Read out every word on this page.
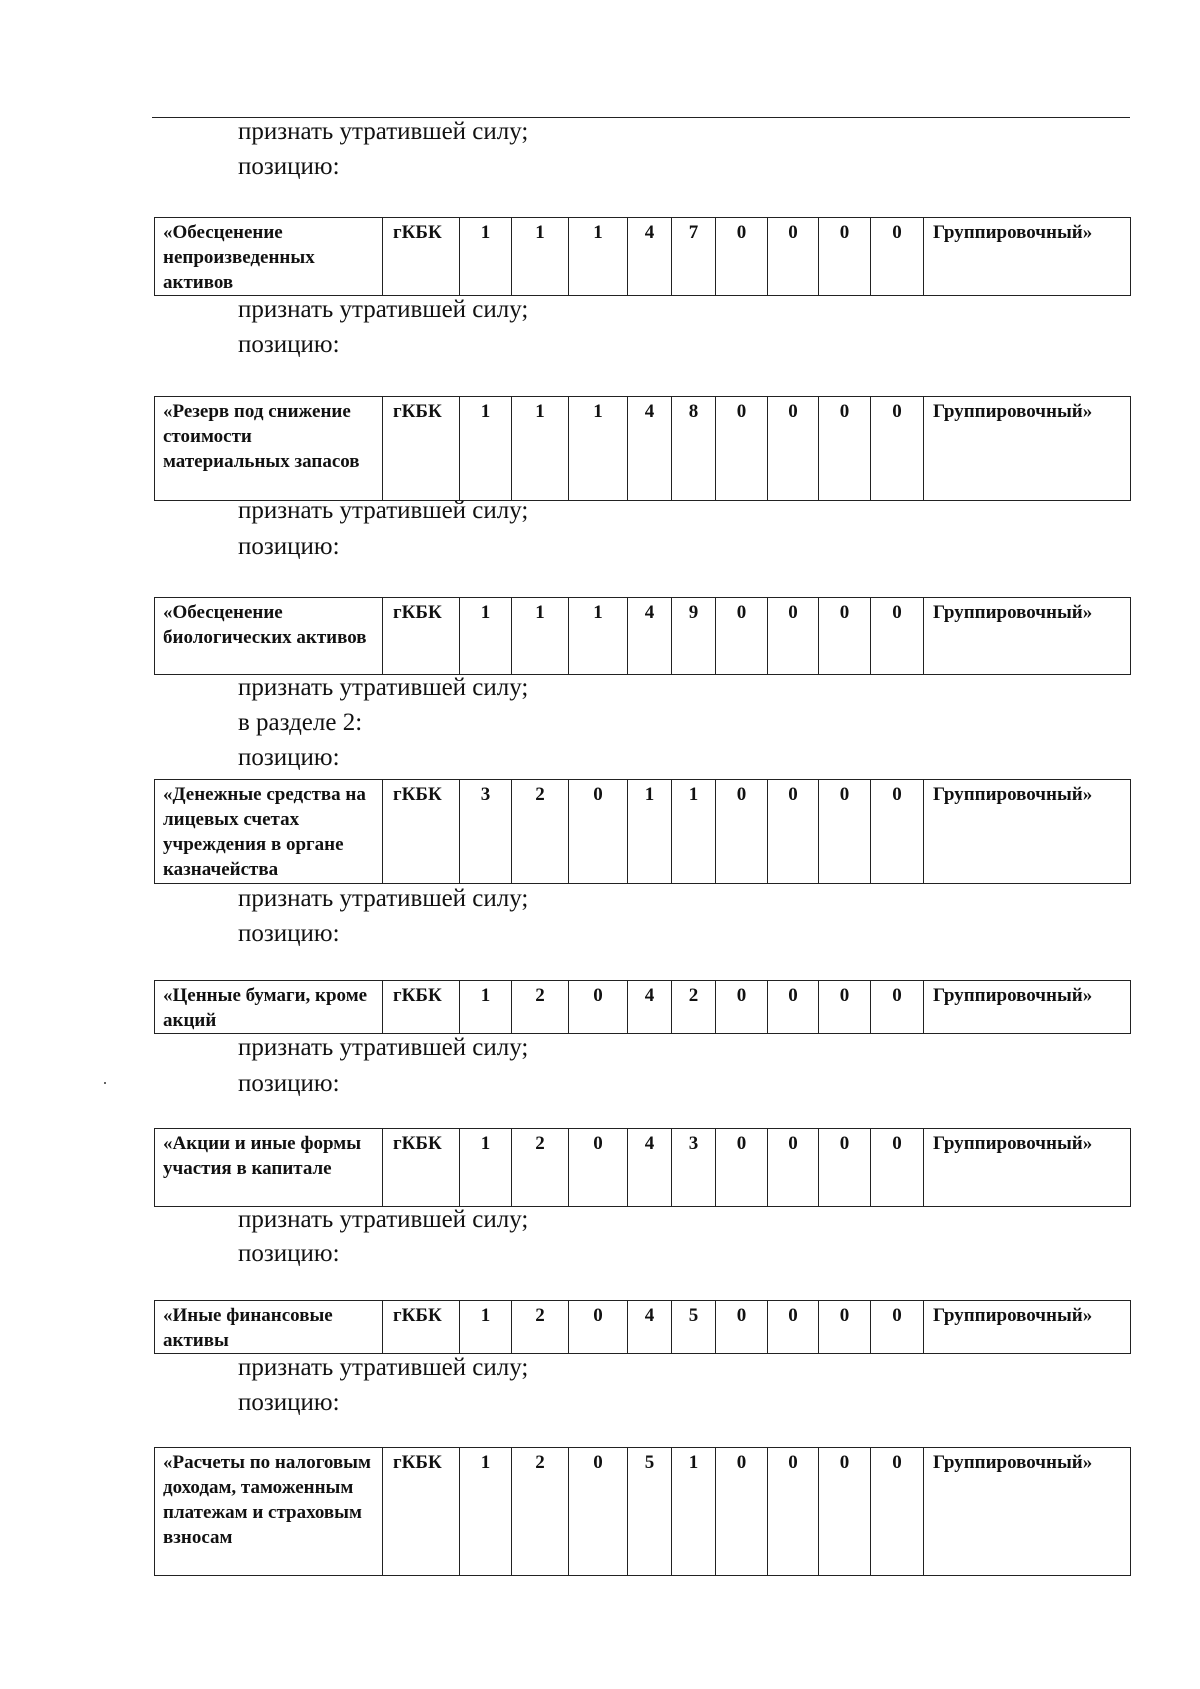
признать утратившей силу;
позицию:
признать утратившей силу;
позицию:
признать утратившей силу;
позицию:
признать утратившей силу;
в разделе 2:
позицию:
признать утратившей силу;
позицию:
признать утратившей силу;
позицию:
признать утратившей силу;
позицию:
признать утратившей силу;
позицию:
«Обесценение непроизведенных активов	гКБК	1	1	1	4	7	0	0	0	0	Группировочный»
«Резерв под снижение стоимости материальных запасов	гКБК	1	1	1	4	8	0	0	0	0	Группировочный»
«Обесценение биологических активов	гКБК	1	1	1	4	9	0	0	0	0	Группировочный»
«Денежные средства на лицевых счетах учреждения в органе казначейства	гКБК	3	2	0	1	1	0	0	0	0	Группировочный»
«Ценные бумаги, кроме акций	гКБК	1	2	0	4	2	0	0	0	0	Группировочный»
«Акции и иные формы участия в капитале	гКБК	1	2	0	4	3	0	0	0	0	Группировочный»
«Иные финансовые активы	гКБК	1	2	0	4	5	0	0	0	0	Группировочный»
«Расчеты по налоговым доходам, таможенным платежам и страховым взносам	гКБК	1	2	0	5	1	0	0	0	0	Группировочный»
